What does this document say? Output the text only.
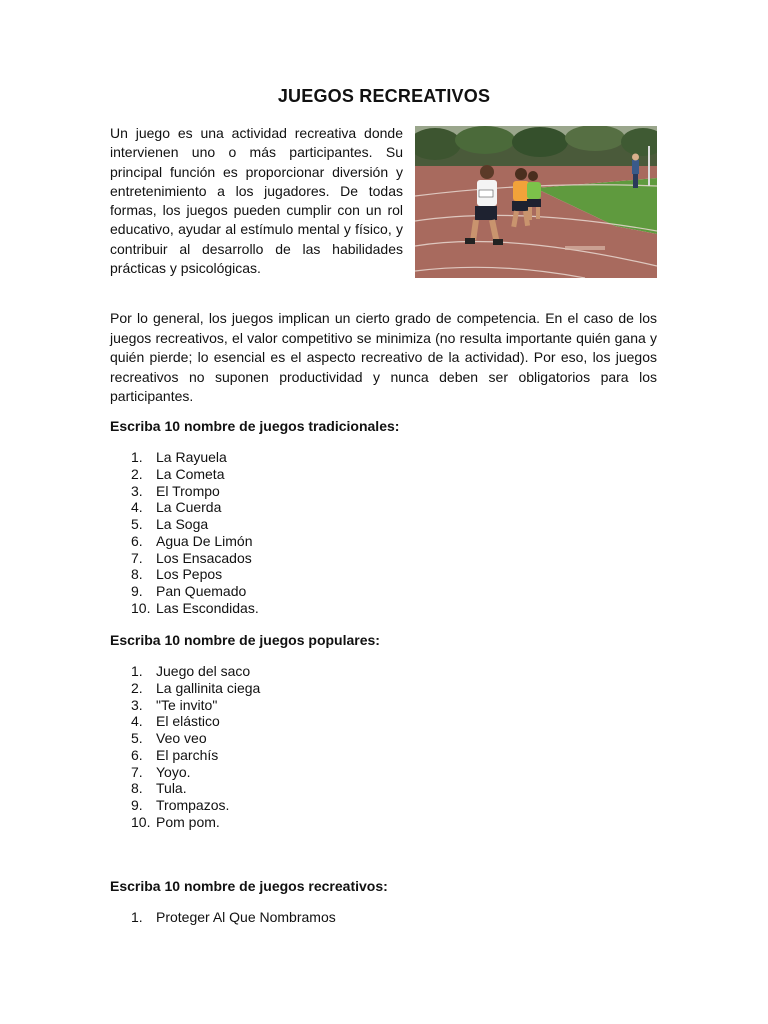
JUEGOS RECREATIVOS

Un juego es una actividad recreativa donde intervienen uno o más participantes. Su principal función es proporcionar diversión y entretenimiento a los jugadores. De todas formas, los juegos pueden cumplir con un rol educativo, ayudar al estímulo mental y físico, y contribuir al desarrollo de las habilidades prácticas y psicológicas.

Por lo general, los juegos implican un cierto grado de competencia. En el caso de los juegos recreativos, el valor competitivo se minimiza (no resulta importante quién gana y quién pierde; lo esencial es el aspecto recreativo de la actividad). Por eso, los juegos recreativos no suponen productividad y nunca deben ser obligatorios para los participantes.

Escriba 10 nombre de juegos tradicionales:

1. La Rayuela
2. La Cometa
3. El Trompo
4. La Cuerda
5. La Soga
6. Agua De Limón
7. Los Ensacados
8. Los Pepos
9. Pan Quemado
10. Las Escondidas.

Escriba 10 nombre de juegos populares:

1. Juego del saco
2. La gallinita ciega
3. "Te invito"
4. El elástico
5. Veo veo
6. El parchís
7. Yoyo.
8. Tula.
9. Trompazos.
10. Pom pom.

Escriba 10 nombre de juegos recreativos:

1. Proteger Al Que Nombramos
